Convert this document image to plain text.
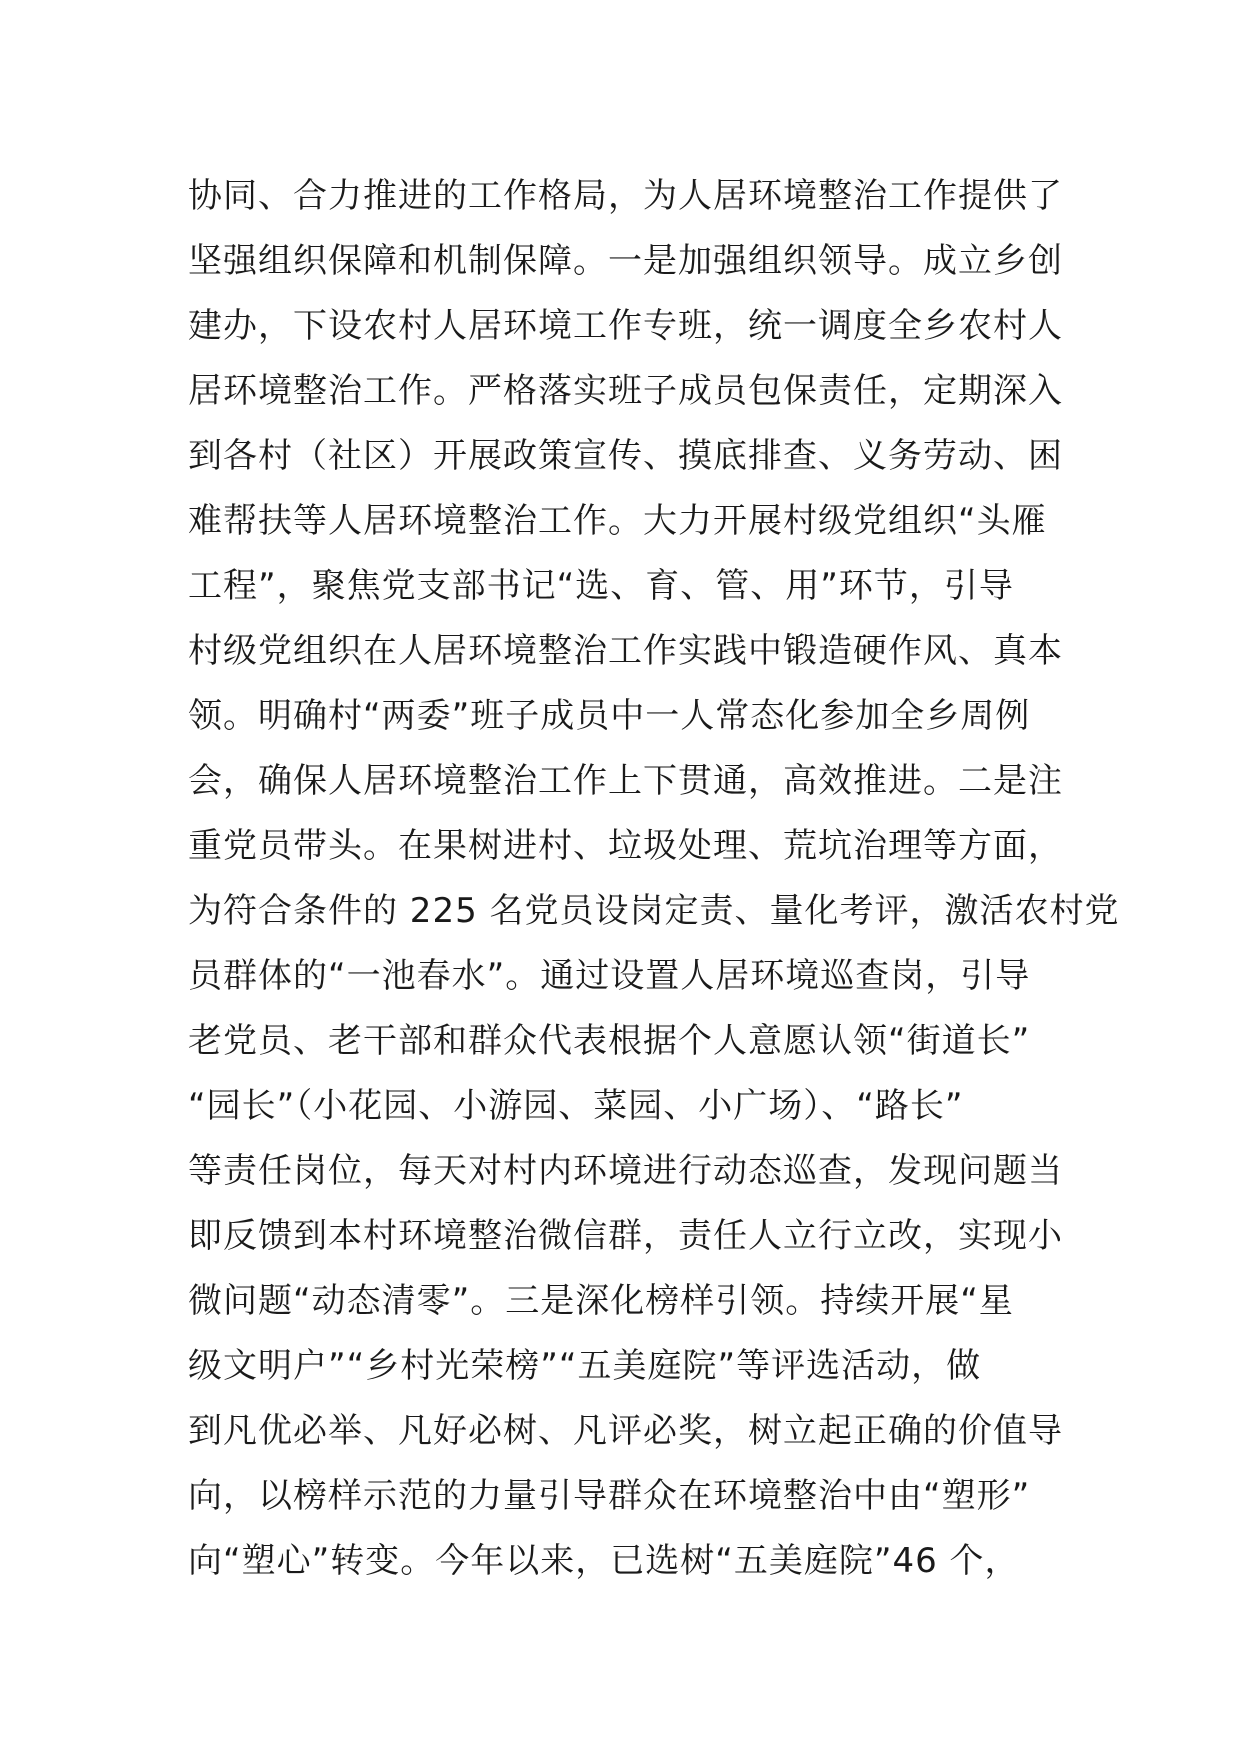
协同、合力推进的工作格局，为人居环境整治工作提供了
坚强组织保障和机制保障。一是加强组织领导。成立乡创
建办，下设农村人居环境工作专班，统一调度全乡农村人
居环境整治工作。严格落实班子成员包保责任，定期深入
到各村（社区）开展政策宣传、摸底排查、义务劳动、困
难帮扶等人居环境整治工作。大力开展村级党组织“头雁
工程”，聚焦党支部书记“选、育、管、用”环节，引导
村级党组织在人居环境整治工作实践中锻造硬作风、真本
领。明确村“两委”班子成员中一人常态化参加全乡周例
会，确保人居环境整治工作上下贯通，高效推进。二是注
重党员带头。在果树进村、垃圾处理、荒坑治理等方面，
为符合条件的 225 名党员设岗定责、量化考评，激活农村党
员群体的“一池春水”。通过设置人居环境巡查岗，引导
老党员、老干部和群众代表根据个人意愿认领“街道长”
“园长”（小花园、小游园、菜园、小广场）、“路长”
等责任岗位，每天对村内环境进行动态巡查，发现问题当
即反馈到本村环境整治微信群，责任人立行立改，实现小
微问题“动态清零”。三是深化榜样引领。持续开展“星
级文明户”“乡村光荣榜”“五美庭院”等评选活动，做
到凡优必举、凡好必树、凡评必奖，树立起正确的价值导
向，以榜样示范的力量引导群众在环境整治中由“塑形”
向“塑心”转变。今年以来，已选树“五美庭院”46 个，
